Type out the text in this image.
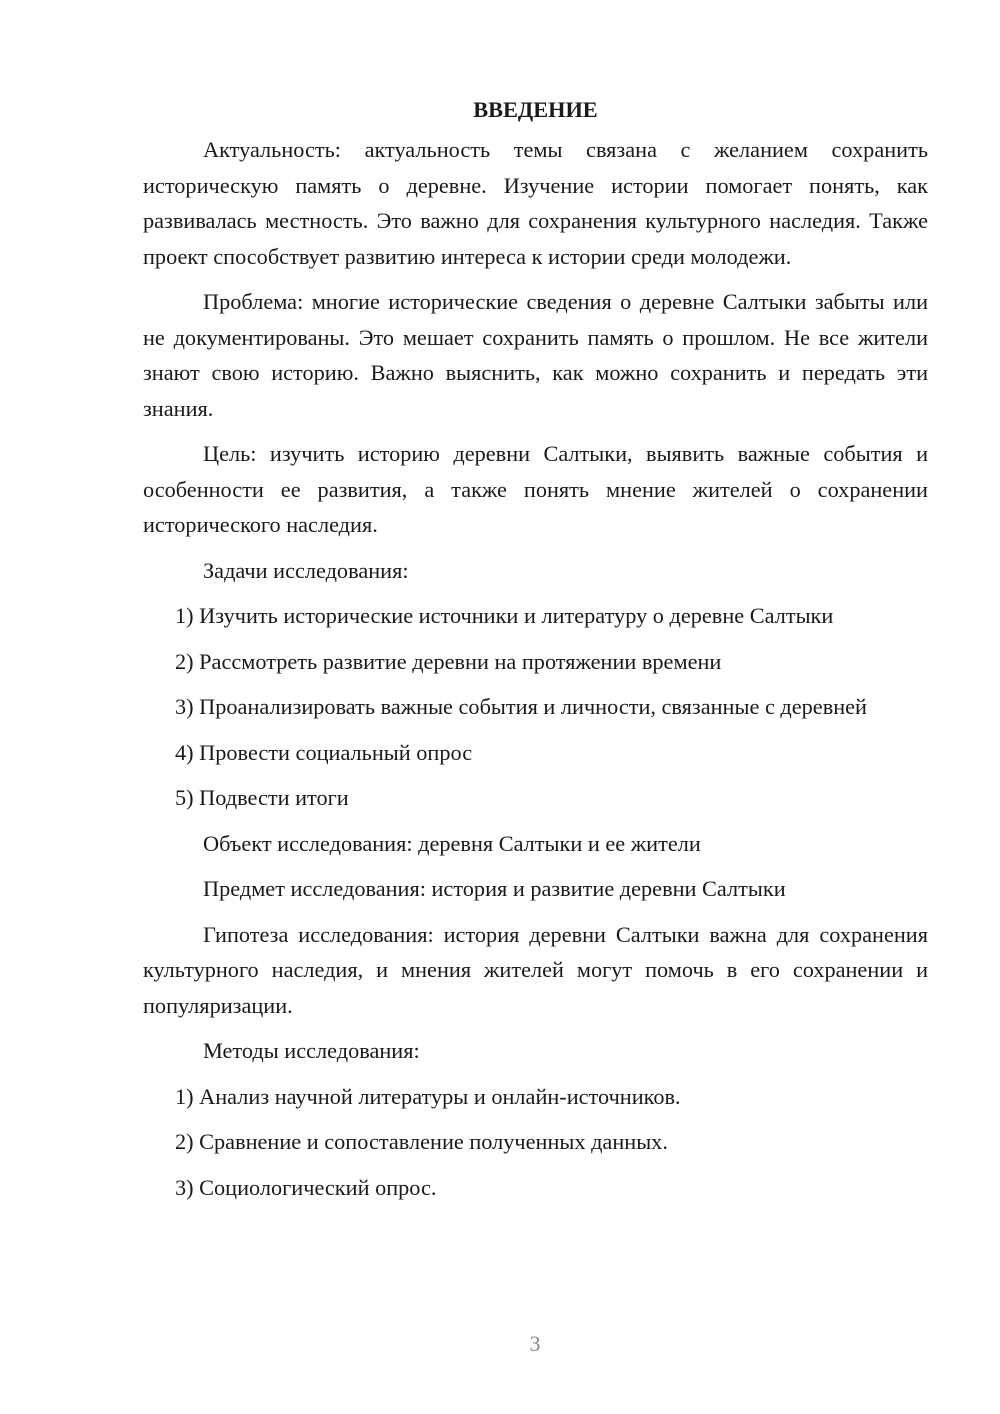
ВВЕДЕНИЕ

Актуальность: актуальность темы связана с желанием сохранить историческую память о деревне. Изучение истории помогает понять, как развивалась местность. Это важно для сохранения культурного наследия. Также проект способствует развитию интереса к истории среди молодежи.

Проблема: многие исторические сведения о деревне Салтыки забыты или не документированы. Это мешает сохранить память о прошлом. Не все жители знают свою историю. Важно выяснить, как можно сохранить и передать эти знания.

Цель: изучить историю деревни Салтыки, выявить важные события и особенности ее развития, а также понять мнение жителей о сохранении исторического наследия.

Задачи исследования:

1) Изучить исторические источники и литературу о деревне Салтыки

2) Рассмотреть развитие деревни на протяжении времени

3) Проанализировать важные события и личности, связанные с деревней

4) Провести социальный опрос

5) Подвести итоги

Объект исследования: деревня Салтыки и ее жители

Предмет исследования: история и развитие деревни Салтыки

Гипотеза исследования: история деревни Салтыки важна для сохранения культурного наследия, и мнения жителей могут помочь в его сохранении и популяризации.

Методы исследования:

1) Анализ научной литературы и онлайн-источников.

2) Сравнение и сопоставление полученных данных.

3) Социологический опрос.

3
